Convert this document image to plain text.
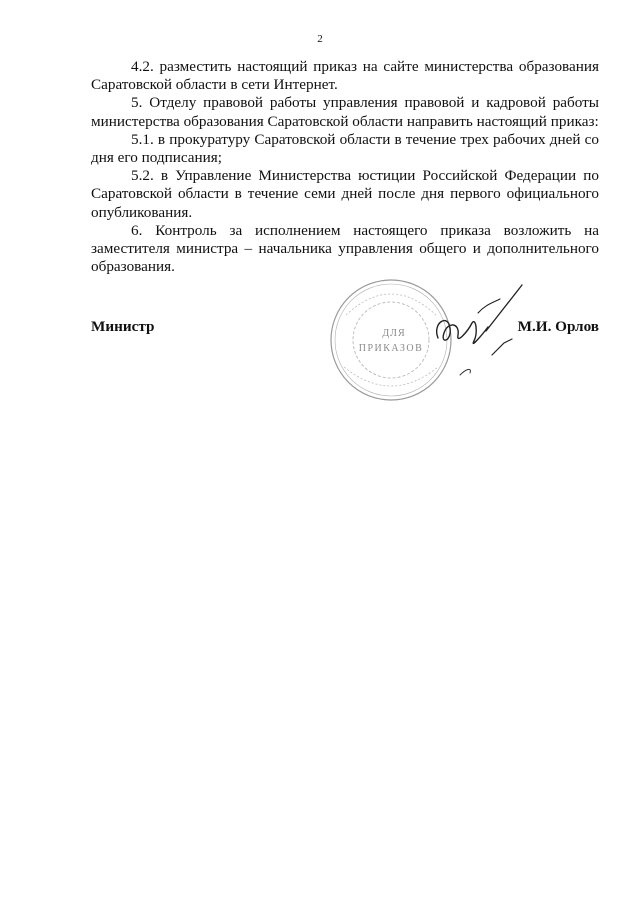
2

4.2. разместить настоящий приказ на сайте министерства образования Саратовской области в сети Интернет.

5. Отделу правовой работы управления правовой и кадровой работы министерства образования Саратовской области направить настоящий приказ:

5.1. в прокуратуру Саратовской области в течение трех рабочих дней со дня его подписания;

5.2. в Управление Министерства юстиции Российской Федерации по Саратовской области в течение семи дней после дня первого официального опубликования.

6. Контроль за исполнением настоящего приказа возложить на заместителя министра – начальника управления общего и дополнительного образования.

ДЛЯ
ПРИКАЗОВ
Министр	М.И. Орлов
